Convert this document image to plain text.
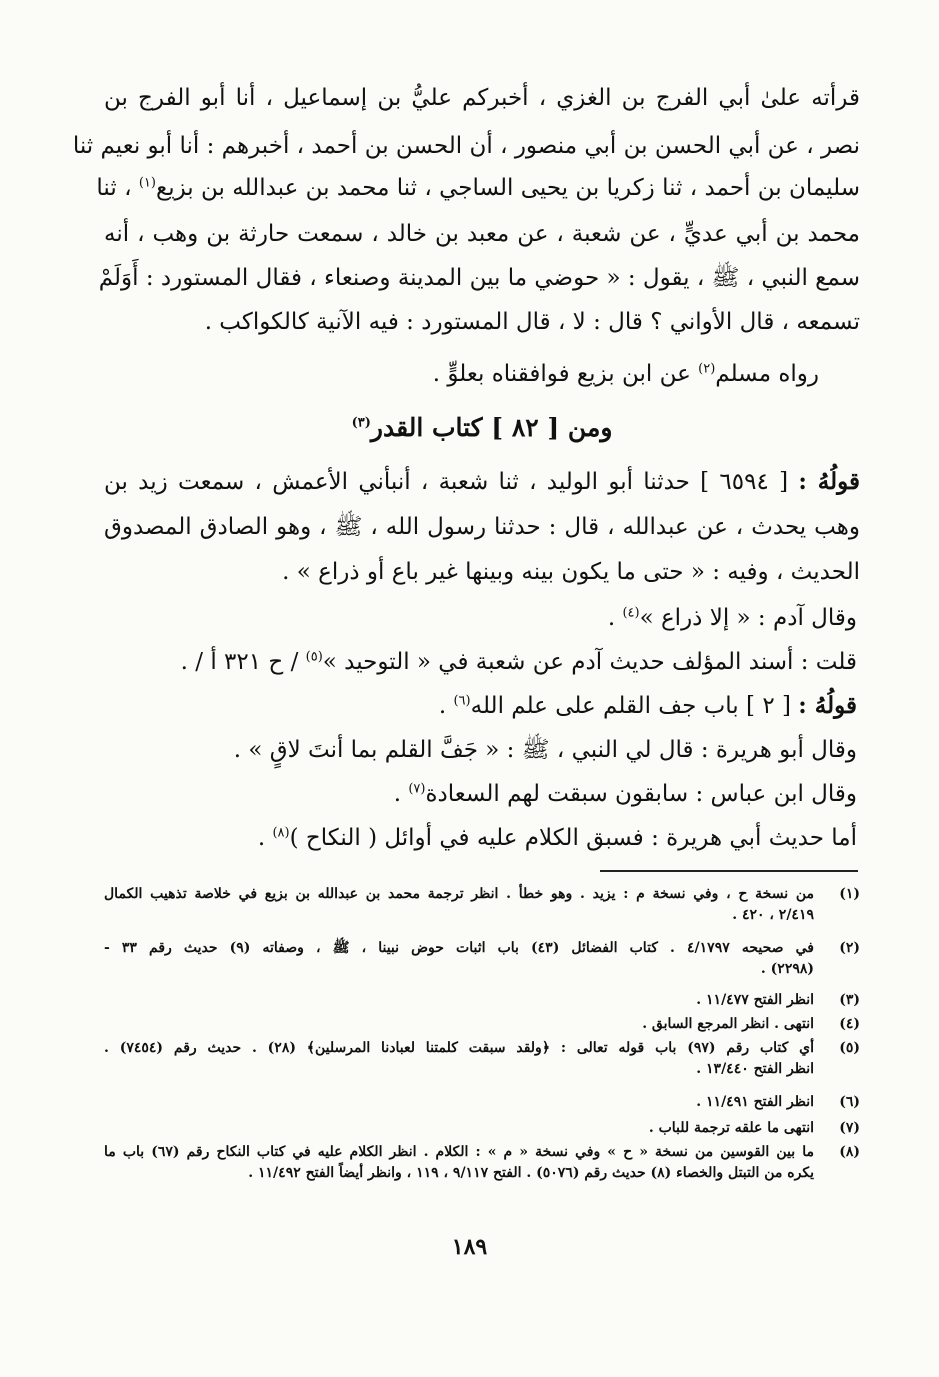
قرأته علىٰ أبي الفرج بن الغزي ، أخبركم عليُّ بن إسماعيل ، أنا أبو الفرج بن
نصر ، عن أبي الحسن بن أبي منصور ، أن الحسن بن أحمد ، أخبرهم : أنا أبو نعيم ثنا
سليمان بن أحمد ، ثنا زكريا بن يحيى الساجي ، ثنا محمد بن عبدالله بن بزيع$^{(١)}$ ، ثنا
محمد بن أبي عديٍّ ، عن شعبة ، عن معبد بن خالد ، سمعت حارثة بن وهب ، أنه
سمع النبي ، ﷺ ، يقول : « حوضي ما بين المدينة وصنعاء ، فقال المستورد : أَوَلَمْ
تسمعه ، قال الأواني ؟ قال : لا ، قال المستورد : فيه الآنية كالكواكب .
رواه مسلم$^{(٢)}$ عن ابن بزيع فوافقناه بعلوٍّ .
ومن [ ٨٢ ] كتاب القدر$^{(٣)}$
قولُهُ : [ ٦٥٩٤ ] حدثنا أبو الوليد ، ثنا شعبة ، أنبأني الأعمش ، سمعت زيد بن
وهب يحدث ، عن عبدالله ، قال : حدثنا رسول الله ، ﷺ ، وهو الصادق المصدوق
الحديث ، وفيه : « حتى ما يكون بينه وبينها غير باع أو ذراع » .
وقال آدم : « إلا ذراع »$^{(٤)}$ .
قلت : أسند المؤلف حديث آدم عن شعبة في « التوحيد »$^{(٥)}$ / ح ٣٢١ أ / .
قولُهُ : [ ٢ ] باب جف القلم على علم الله$^{(٦)}$ .
وقال أبو هريرة : قال لي النبي ، ﷺ : « جَفَّ القلم بما أنتَ لاقٍ » .
وقال ابن عباس : سابقون سبقت لهم السعادة$^{(٧)}$ .
أما حديث أبي هريرة : فسبق الكلام عليه في أوائل ( النكاح )$^{(٨)}$ .
(١)
من نسخة ح ، وفي نسخة م : يزيد . وهو خطأ . انظر ترجمة محمد بن عبدالله بن بزيع في خلاصة تذهيب الكمال
٢/٤١٩ ، ٤٢٠ .
(٢)
في صحيحه ٤/١٧٩٧ . كتاب الفضائل (٤٣) باب اثبات حوض نبينا ، ﷺ ، وصفاته (٩) حديث رقم ٣٣ -
(٢٢٩٨) .
(٣)
انظر الفتح ١١/٤٧٧ .
(٤)
انتهى . انظر المرجع السابق .
(٥)
أي كتاب رقم (٩٧) باب قوله تعالى : ﴿ولقد سبقت كلمتنا لعبادنا المرسلين﴾ (٢٨) . حديث رقم (٧٤٥٤) .
انظر الفتح ١٣/٤٤٠ .
(٦)
انظر الفتح ١١/٤٩١ .
(٧)
انتهى ما علقه ترجمة للباب .
(٨)
ما بين القوسين من نسخة « ح » وفي نسخة « م » : الكلام . انظر الكلام عليه في كتاب النكاح رقم (٦٧) باب ما
يكره من التبتل والخصاء (٨) حديث رقم (٥٠٧٦) . الفتح ٩/١١٧ ، ١١٩ ، وانظر أيضاً الفتح ١١/٤٩٢ .
١٨٩
